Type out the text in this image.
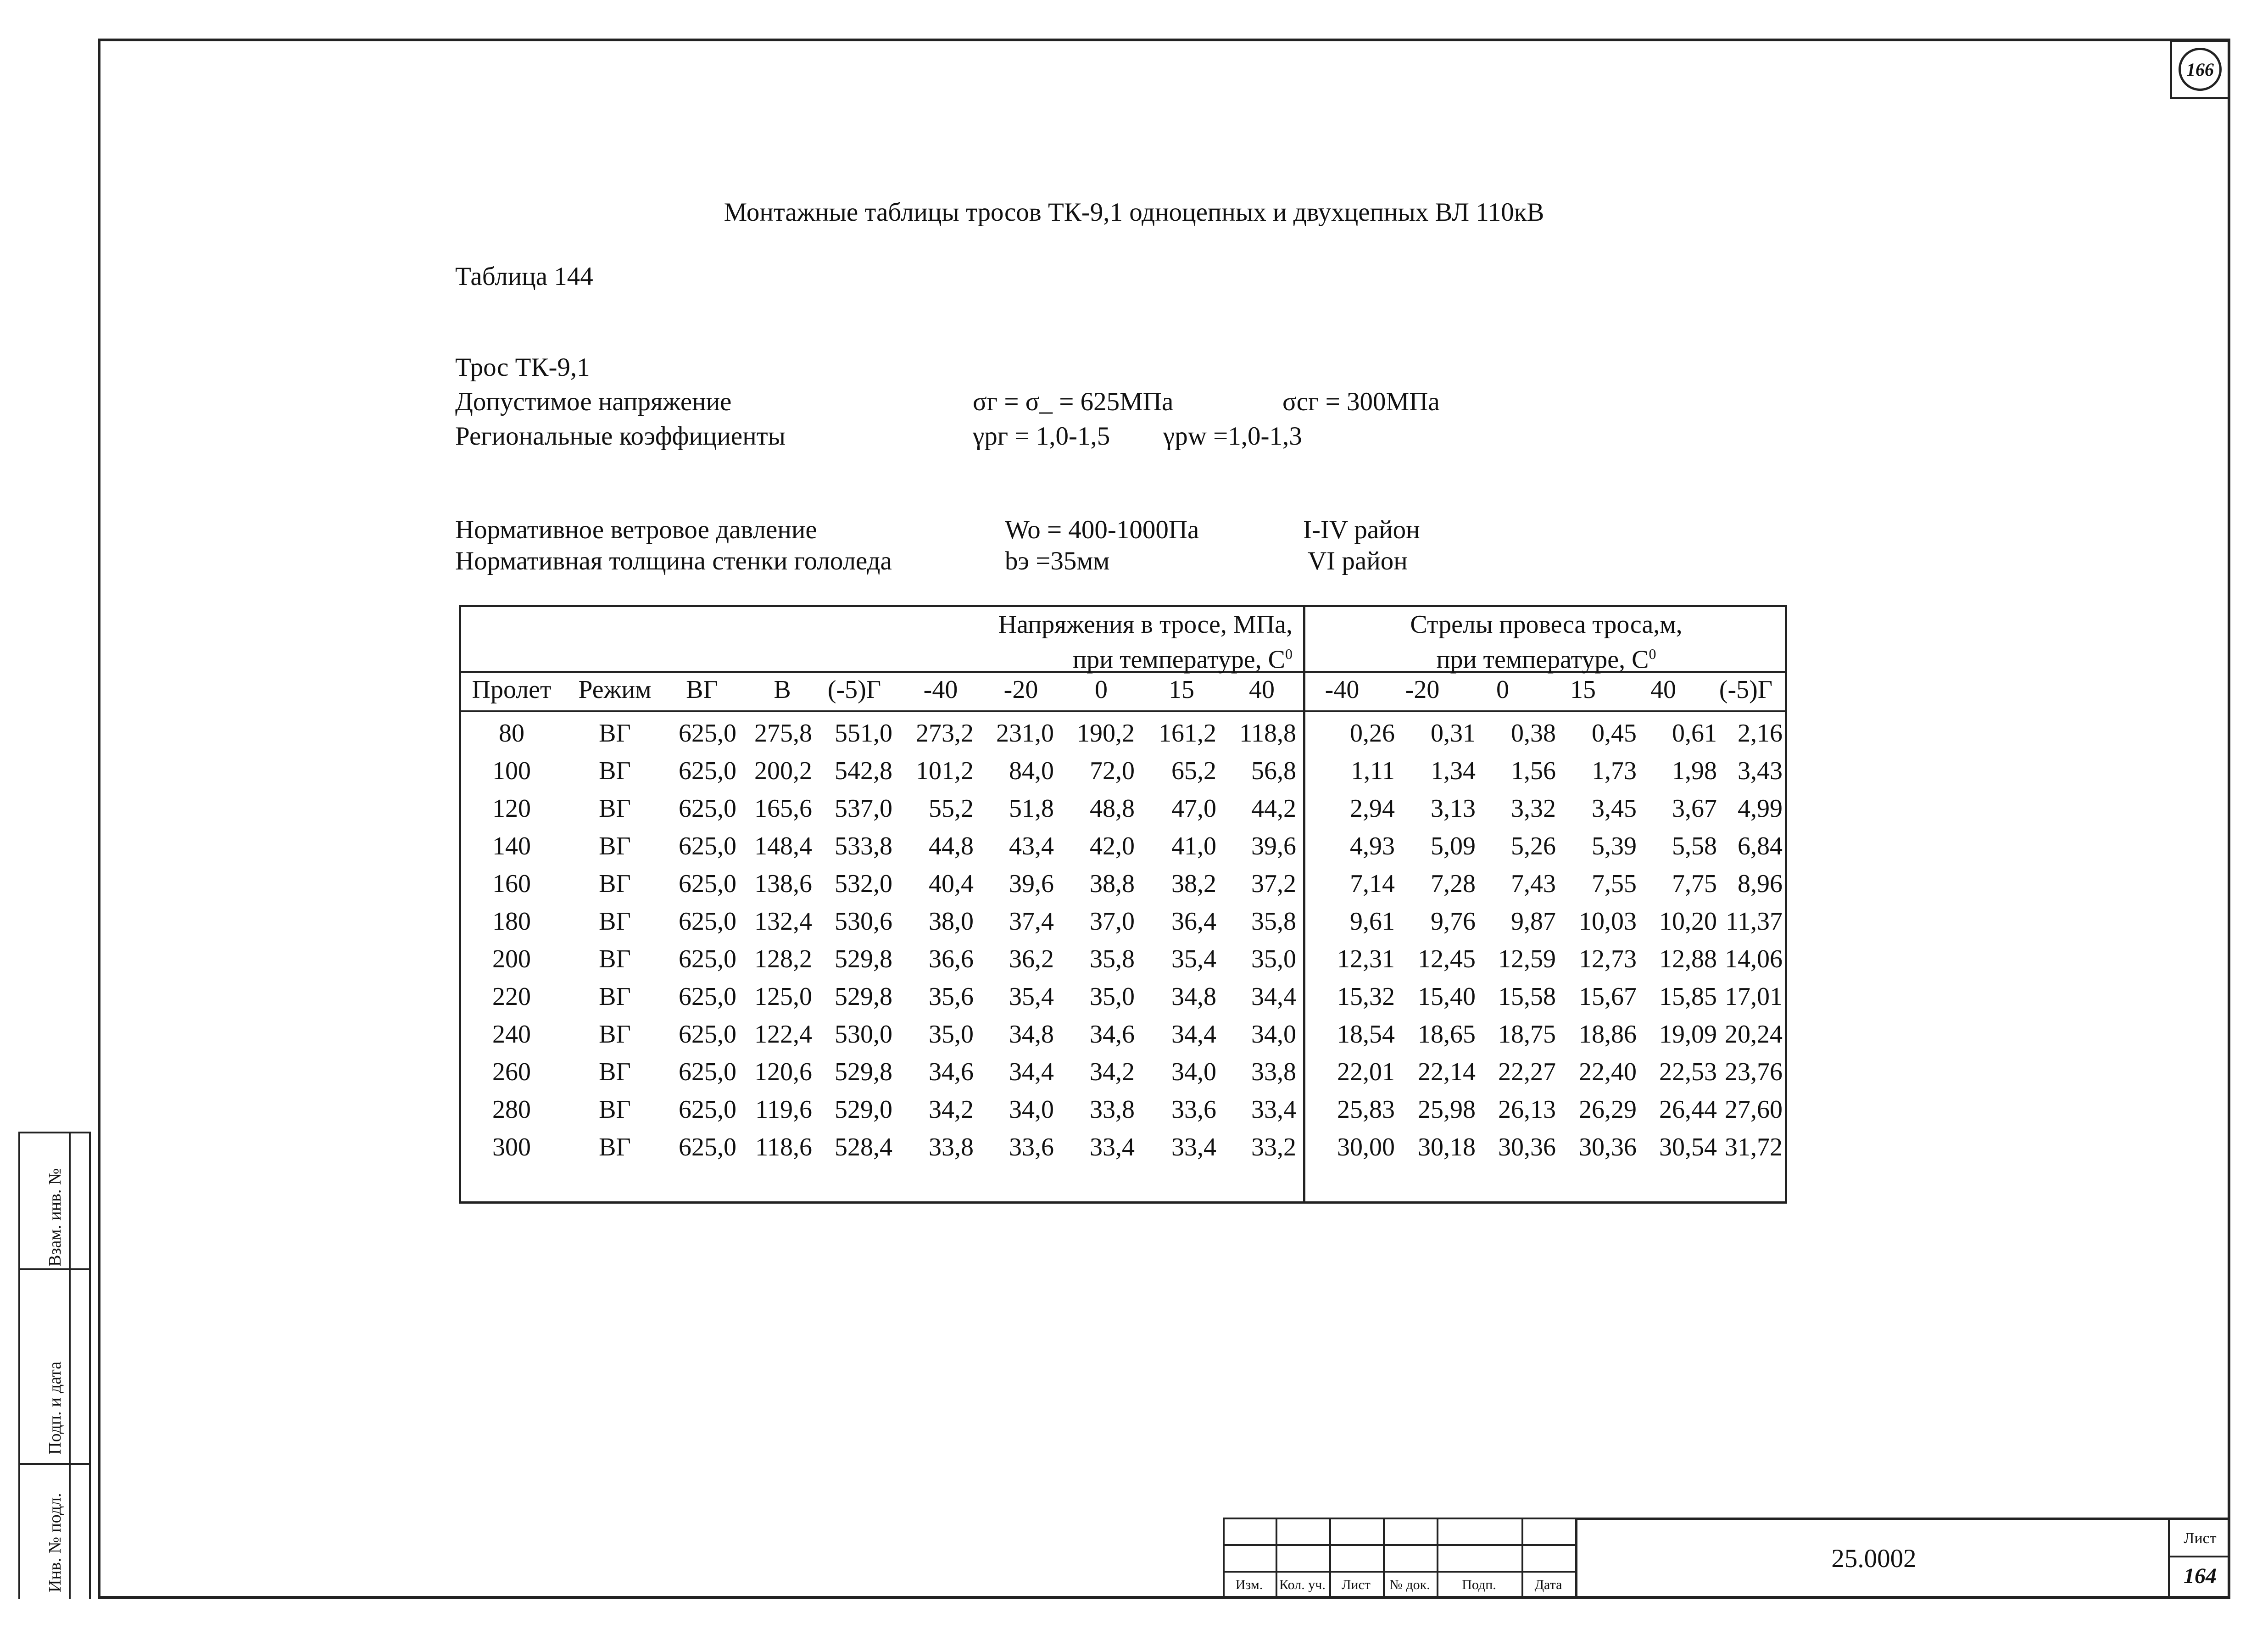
166
Монтажные таблицы тросов ТК-9,1 одноцепных и двухцепных ВЛ 110кВ
Таблица 144
Трос ТК-9,1
Допустимое напряжение	σг = σ_ = 625МПа	σcг = 300МПа
Региональные коэффициенты	γpг = 1,0-1,5 γpw =1,0-1,3
Нормативное ветровое давление	Wo = 400-1000Па	I-IV район
Нормативная толщина стенки гололеда	bэ =35мм	VI район
Напряжения в тросе, МПа,
при температуре, $С^0$
Стрелы провеса троса,м,
при температуре, $С^0$
Пролет	Режим	ВГ	В	(-5)Г	-40	-20	0	15	40	-40	-20	0	15	40	(-5)Г
80	ВГ	625,0 275,8 551,0 273,2 231,0 190,2 161,2 118,8	0,26	0,31	0,38	0,45	0,61 2,16
100	ВГ	625,0 200,2 542,8 101,2	84,0	72,0	65,2	56,8	1,11	1,34	1,56	1,73	1,98 3,43
120	ВГ	625,0 165,6 537,0	55,2	51,8	48,8	47,0	44,2	2,94	3,13	3,32	3,45	3,67 4,99
140	ВГ	625,0 148,4 533,8	44,8	43,4	42,0	41,0	39,6	4,93	5,09	5,26	5,39	5,58 6,84
160	ВГ	625,0 138,6 532,0	40,4	39,6	38,8	38,2	37,2	7,14	7,28	7,43	7,55	7,75 8,96
180	ВГ	625,0 132,4 530,6	38,0	37,4	37,0	36,4	35,8	9,61	9,76	9,87 10,03 10,20 11,37
200	ВГ	625,0 128,2 529,8	36,6	36,2	35,8	35,4	35,0	12,31 12,45 12,59 12,73 12,88 14,06
220	ВГ	625,0 125,0 529,8	35,6	35,4	35,0	34,8	34,4	15,32 15,40 15,58 15,67 15,85 17,01
240	ВГ	625,0 122,4 530,0	35,0	34,8	34,6	34,4	34,0	18,54 18,65 18,75 18,86 19,09 20,24
260	ВГ	625,0 120,6 529,8	34,6	34,4	34,2	34,0	33,8	22,01 22,14 22,27 22,40 22,53 23,76
280	ВГ	625,0 119,6 529,0	34,2	34,0	33,8	33,6	33,4	25,83 25,98 26,13 26,29 26,44 27,60
300	ВГ	625,0 118,6 528,4	33,8	33,6	33,4	33,4	33,2	30,00 30,18 30,36 30,36 30,54 31,72
Взам. инв. №
Подп. и дата
Инв. № подл.	Изм.	Кол. уч.	Лист	№ док.	Подп.	Дата
25.0002
Лист
164
